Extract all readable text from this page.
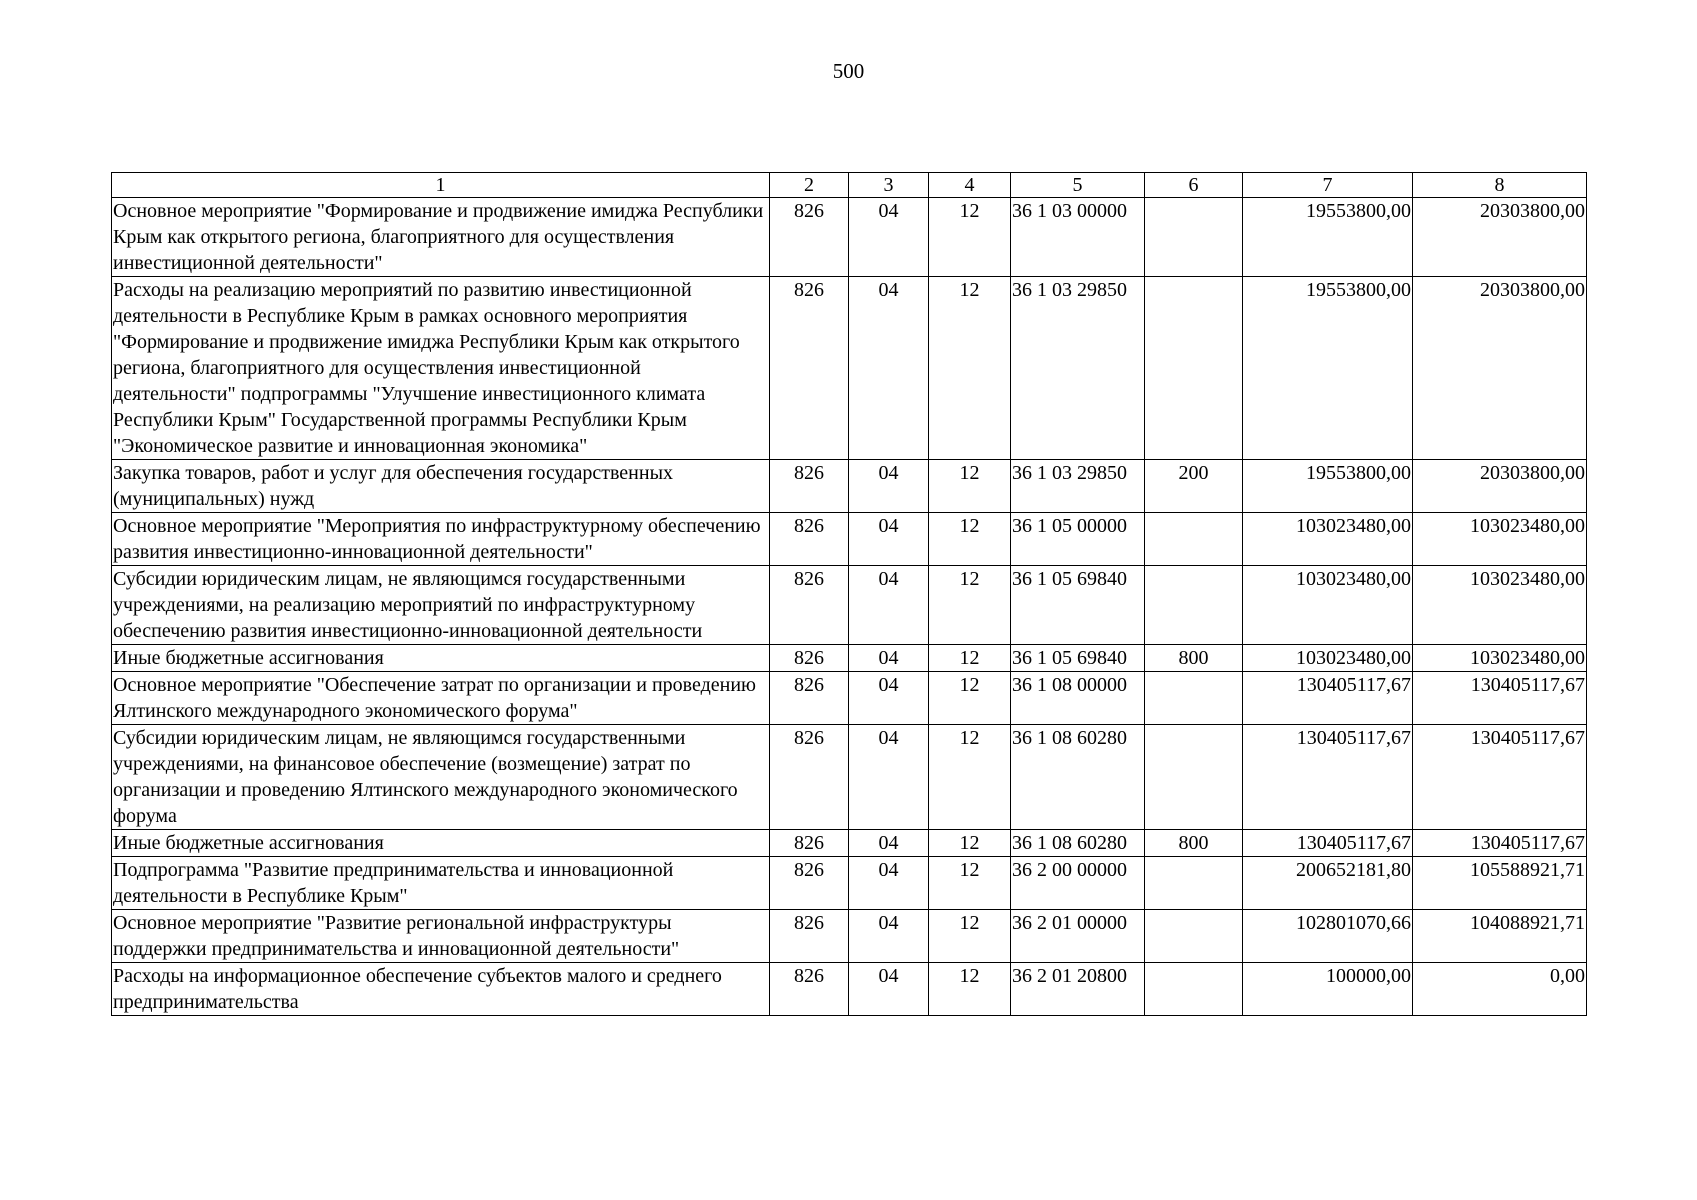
500
1	2	3	4	5	6	7	8
Основное мероприятие "Формирование и продвижение имиджа Республики Крым как открытого региона, благоприятного для осуществления инвестиционной деятельности"	826	04	12	36 1 03 00000		19553800,00	20303800,00
Расходы на реализацию мероприятий по развитию инвестиционной деятельности в Республике Крым в рамках основного мероприятия "Формирование и продвижение имиджа Республики Крым как открытого региона, благоприятного для осуществления инвестиционной деятельности" подпрограммы "Улучшение инвестиционного климата Республики Крым" Государственной программы Республики Крым "Экономическое развитие и инновационная экономика"	826	04	12	36 1 03 29850		19553800,00	20303800,00
Закупка товаров, работ и услуг для обеспечения государственных (муниципальных) нужд	826	04	12	36 1 03 29850	200	19553800,00	20303800,00
Основное мероприятие "Мероприятия по инфраструктурному обеспечению развития инвестиционно-инновационной деятельности"	826	04	12	36 1 05 00000		103023480,00	103023480,00
Субсидии юридическим лицам, не являющимся государственными учреждениями, на реализацию мероприятий по инфраструктурному обеспечению развития инвестиционно-инновационной деятельности	826	04	12	36 1 05 69840		103023480,00	103023480,00
Иные бюджетные ассигнования	826	04	12	36 1 05 69840	800	103023480,00	103023480,00
Основное мероприятие "Обеспечение затрат по организации и проведению Ялтинского международного экономического форума"	826	04	12	36 1 08 00000		130405117,67	130405117,67
Субсидии юридическим лицам, не являющимся государственными учреждениями, на финансовое обеспечение (возмещение) затрат по организации и проведению Ялтинского международного экономического форума	826	04	12	36 1 08 60280		130405117,67	130405117,67
Иные бюджетные ассигнования	826	04	12	36 1 08 60280	800	130405117,67	130405117,67
Подпрограмма "Развитие предпринимательства и инновационной деятельности в Республике Крым"	826	04	12	36 2 00 00000		200652181,80	105588921,71
Основное мероприятие "Развитие региональной инфраструктуры поддержки предпринимательства и инновационной деятельности"	826	04	12	36 2 01 00000		102801070,66	104088921,71
Расходы на информационное обеспечение субъектов малого и среднего предпринимательства	826	04	12	36 2 01 20800		100000,00	0,00
